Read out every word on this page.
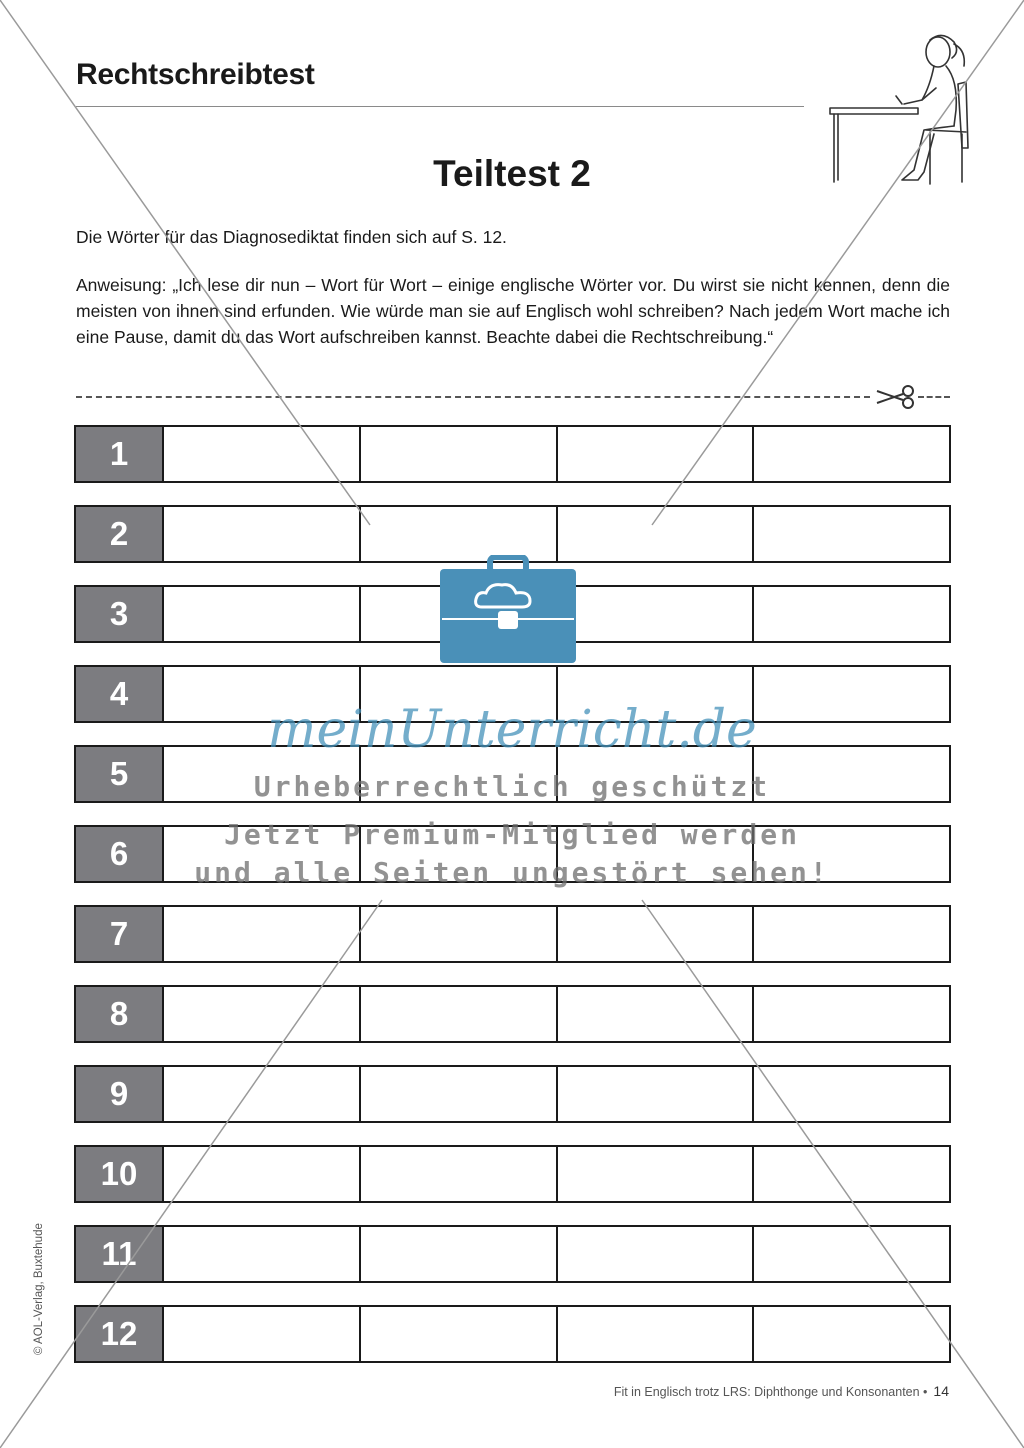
Rechtschreibtest
Teiltest 2
Die Wörter für das Diagnosediktat finden sich auf S. 12.
Anweisung: „Ich lese dir nun – Wort für Wort – einige englische Wörter vor. Du wirst sie nicht kennen, denn die meisten von ihnen sind erfunden. Wie würde man sie auf Englisch wohl schreiben? Nach jedem Wort mache ich eine Pause, damit du das Wort aufschreiben kannst. Beachte dabei die Rechtschreibung.“
1
2
3
4
5
6
7
8
9
10
11
12
© AOL-Verlag, Buxtehude
Fit in Englisch trotz LRS: Diphthonge und Konsonanten • 14
meinUnterricht.de
Urheberrechtlich geschützt
Jetzt Premium-Mitglied werden
und alle Seiten ungestört sehen!
